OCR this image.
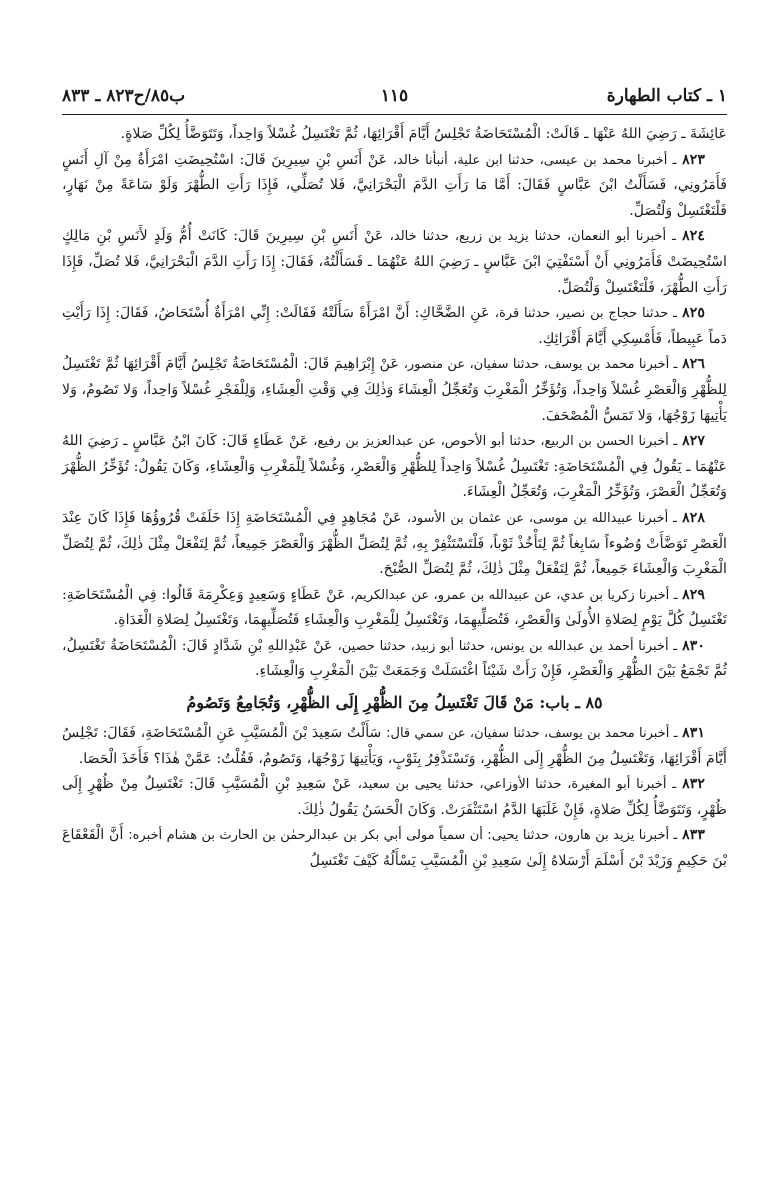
١ ـ كتاب الطهارة
١١٥
ب٨٥/ح٨٢٣ ـ ٨٣٣

عَائِشَةَ ـ رَضِيَ اللهُ عَنْهَا ـ قَالَتْ: الْمُسْتَحَاضَةُ تَجْلِسُ أَيَّامَ أَقْرَائِهَا، ثُمَّ تَغْتَسِلُ غُسْلاً وَاحِداً، وَتَتَوَضَّأُ لِكُلِّ صَلاةٍ.

٨٢٣ ـ أخبرنا محمد بن عيسى، حدثنا ابن علية، أنبأنا خالد، عَنْ أَنَسِ بْنِ سِيرِينَ قَالَ: اسْتُحِيضَتِ امْرَأَةٌ مِنْ آلِ أَنَسٍ فَأَمَرُونِي، فَسَأَلْتُ ابْنَ عَبَّاسٍ فَقَالَ: أَمَّا مَا رَأَتِ الدَّمَ الْبَحْرَانِيَّ، فَلا تُصَلِّي، فَإِذَا رَأَتِ الطُّهْرَ وَلَوْ سَاعَةً مِنْ نَهَارٍ، فَلْتَغْتَسِلْ وَلْتُصَلِّ.

٨٢٤ ـ أخبرنا أبو النعمان، حدثنا يزيد بن زريع، حدثنا خالد، عَنْ أَنَسِ بْنِ سِيرِينَ قَالَ: كَانَتْ أُمُّ وَلَدٍ لأَنَسِ بْنِ مَالِكٍ اسْتُحِيضَتْ فَأَمَرُونِي أَنْ أَسْتَفْتِيَ ابْنَ عَبَّاسٍ ـ رَضِيَ اللهُ عَنْهُمَا ـ فَسَأَلْتُهُ، فَقَالَ: إِذَا رَأَتِ الدَّمَ الْبَحْرَانِيَّ، فَلا تُصَلِّ، فَإِذَا رَأَتِ الطُّهْرَ، فَلْتَغْتَسِلْ وَلْتُصَلِّ.

٨٢٥ ـ حدثنا حجاج بن نصير، حدثنا قرة، عَنِ الضَّحَّاكِ: أَنَّ امْرَأَةً سَأَلَتْهُ فَقَالَتْ: إِنِّي امْرَأَةٌ أُسْتَحَاضُ، فَقَالَ: إِذَا رَأَيْتِ دَماً عَبِيطاً، فَأَمْسِكِي أَيَّامَ أَقْرَائِكِ.

٨٢٦ ـ أخبرنا محمد بن يوسف، حدثنا سفيان، عن منصور، عَنْ إِبْرَاهِيمَ قَالَ: الْمُسْتَحَاضَةُ تَجْلِسُ أَيَّامَ أَقْرَائِهَا ثُمَّ تَغْتَسِلُ لِلظُّهْرِ وَالْعَصْرِ غُسْلاً وَاحِداً، وَتُؤَخِّرُ الْمَغْرِبَ وَتُعَجِّلُ الْعِشَاءَ وَذٰلِكَ فِي وَقْتِ الْعِشَاءِ، وَلِلْفَجْرِ غُسْلاً وَاحِداً، وَلا تَصُومُ، وَلا يَأْتِيهَا زَوْجُهَا، وَلا تَمَسُّ الْمُصْحَفَ.

٨٢٧ ـ أخبرنا الحسن بن الربيع، حدثنا أبو الأحوص، عن عبدالعزيز بن رفيع، عَنْ عَطَاءٍ قَالَ: كَانَ ابْنُ عَبَّاسٍ ـ رَضِيَ اللهُ عَنْهُمَا ـ يَقُولُ فِي الْمُسْتَحَاضَةِ: تَغْتَسِلُ غُسْلاً وَاحِداً لِلظُّهْرِ وَالْعَصْرِ، وَغُسْلاً لِلْمَغْرِبِ وَالْعِشَاءِ، وَكَانَ يَقُولُ: تُؤَخِّرُ الظُّهْرَ وَتُعَجِّلُ الْعَصْرَ، وَتُؤَخِّرُ الْمَغْرِبَ، وَتُعَجِّلُ الْعِشَاءَ.

٨٢٨ ـ أخبرنا عبيدالله بن موسى، عن عثمان بن الأسود، عَنْ مُجَاهِدٍ فِي الْمُسْتَحَاضَةِ إِذَا خَلَفَتْ قُرُوؤُهَا فَإِذَا كَانَ عِنْدَ الْعَصْرِ تَوَضَّأَتْ وُضُوءاً سَابِغاً ثُمَّ لِتَأْخُذْ ثَوْباً، فَلْتَسْتَثْفِرْ بِهِ، ثُمَّ لِتُصَلِّ الظُّهْرَ وَالْعَصْرَ جَمِيعاً، ثُمَّ لِتَفْعَلْ مِثْلَ ذٰلِكَ، ثُمَّ لِتُصَلِّ الْمَغْرِبَ وَالْعِشَاءَ جَمِيعاً، ثُمَّ لِتَفْعَلْ مِثْلَ ذٰلِكَ، ثُمَّ لِتُصَلِّ الصُّبْحَ.

٨٢٩ ـ أخبرنا زكريا بن عدي، عن عبيدالله بن عمرو، عن عبدالكريم، عَنْ عَطَاءٍ وَسَعِيدٍ وَعِكْرِمَةَ قَالُوا: فِي الْمُسْتَحَاضَةِ: تَغْتَسِلُ كُلَّ يَوْمٍ لِصَلاةِ الأُولَىٰ وَالْعَصْرِ، فَتُصَلِّيهِمَا، وَتَغْتَسِلُ لِلْمَغْرِبِ وَالْعِشَاءِ فَتُصَلِّيهِمَا، وَتَغْتَسِلُ لِصَلاةِ الْغَدَاةِ.

٨٣٠ ـ أخبرنا أحمد بن عبدالله بن يونس، حدثنا أبو زبيد، حدثنا حصين، عَنْ عَبْدِاللهِ بْنِ شَدَّادٍ قَالَ: الْمُسْتَحَاضَةُ تَغْتَسِلُ، ثُمَّ تَجْمَعُ بَيْنَ الظُّهْرِ وَالْعَصْرِ، فَإِنْ رَأَتْ شَيْئاً اغْتَسَلَتْ وَجَمَعَتْ بَيْنَ الْمَغْرِبِ وَالْعِشَاءِ.

٨٥ ـ باب: مَنْ قَالَ تَغْتَسِلُ مِنَ الظُّهْرِ إِلَى الظُّهْرِ، وَتُجَامِعُ وَتَصُومُ

٨٣١ ـ أخبرنا محمد بن يوسف، حدثنا سفيان، عن سمي قال: سَأَلْتُ سَعِيدَ بْنَ الْمُسَيَّبِ عَنِ الْمُسْتَحَاضَةِ، فَقَالَ: تَجْلِسُ أَيَّامَ أَقْرَائِهَا، وَتَغْتَسِلُ مِنَ الظُّهْرِ إِلَى الظُّهْرِ، وَتَسْتَذْفِرُ بِثَوْبٍ، وَيَأْتِيهَا زَوْجُهَا، وَتَصُومُ، فَقُلْتُ: عَمَّنْ هٰذَا؟ فَأَخَذَ الْحَصَا.

٨٣٢ ـ أخبرنا أبو المغيرة، حدثنا الأوزاعي، حدثنا يحيى بن سعيد، عَنْ سَعِيدِ بْنِ الْمُسَيَّبِ قَالَ: تَغْتَسِلُ مِنْ ظُهْرٍ إِلَى ظُهْرٍ، وَتَتَوَضَّأُ لِكُلِّ صَلاةٍ، فَإِنْ غَلَبَهَا الدَّمُ اسْتَثْفَرَتْ. وَكَانَ الْحَسَنُ يَقُولُ ذٰلِكَ.

٨٣٣ ـ أخبرنا يزيد بن هارون، حدثنا يحيى: أن سمياً مولى أبي بكر بن عبدالرحمٰن بن الحارث بن هشام أخبره: أَنَّ الْقَعْقَاعَ بْنَ حَكِيمٍ وَزَيْدَ بْنَ أَسْلَمَ أَرْسَلاهُ إِلَىٰ سَعِيدِ بْنِ الْمُسَيَّبِ يَسْأَلُهُ كَيْفَ تَغْتَسِلُ
